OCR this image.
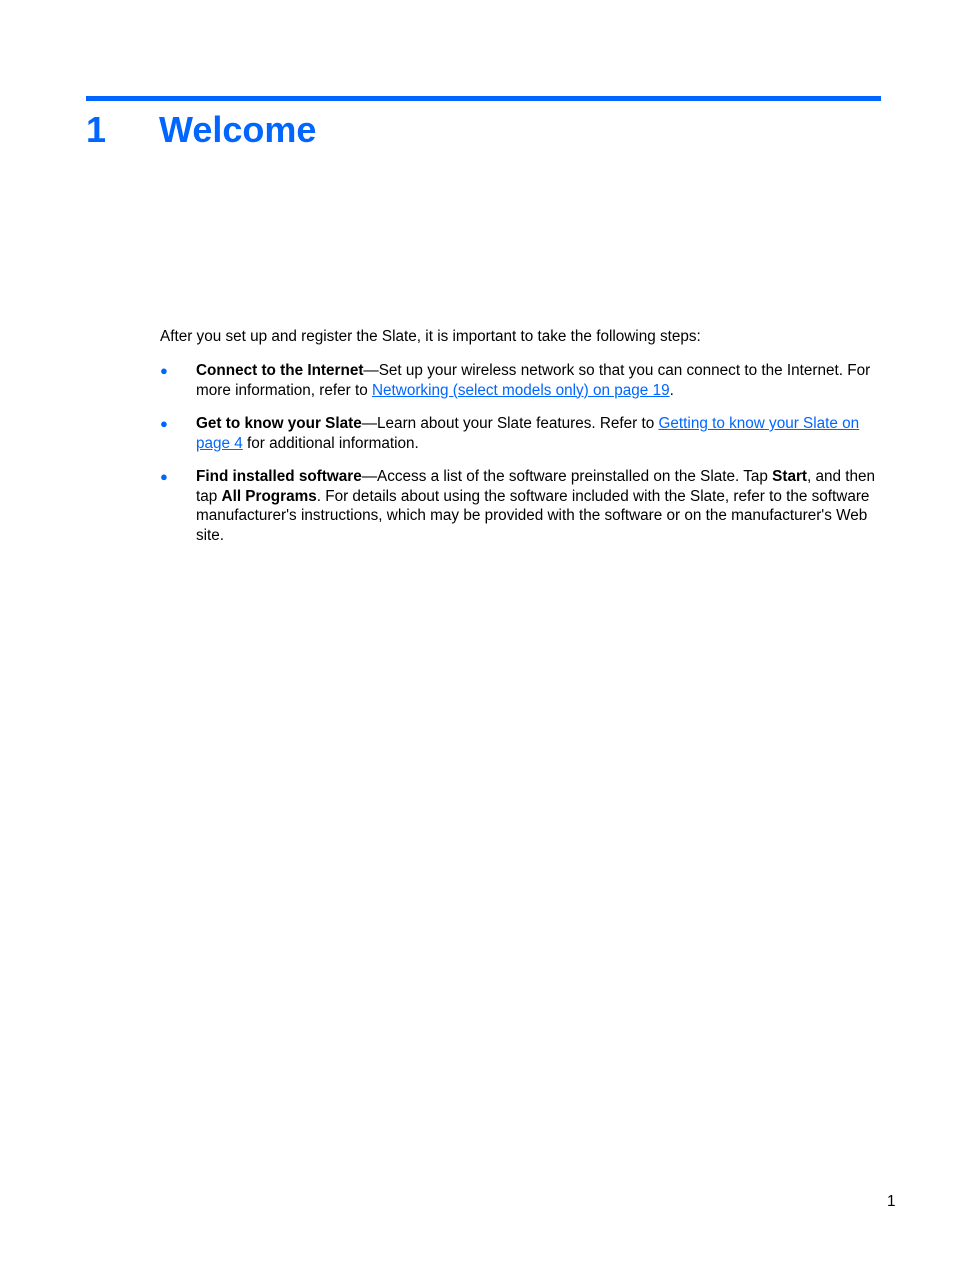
1 Welcome

After you set up and register the Slate, it is important to take the following steps:

● Connect to the Internet—Set up your wireless network so that you can connect to the Internet. For more information, refer to Networking (select models only) on page 19.
● Get to know your Slate—Learn about your Slate features. Refer to Getting to know your Slate on page 4 for additional information.
● Find installed software—Access a list of the software preinstalled on the Slate. Tap Start, and then tap All Programs. For details about using the software included with the Slate, refer to the software manufacturer's instructions, which may be provided with the software or on the manufacturer's Web site.
1
